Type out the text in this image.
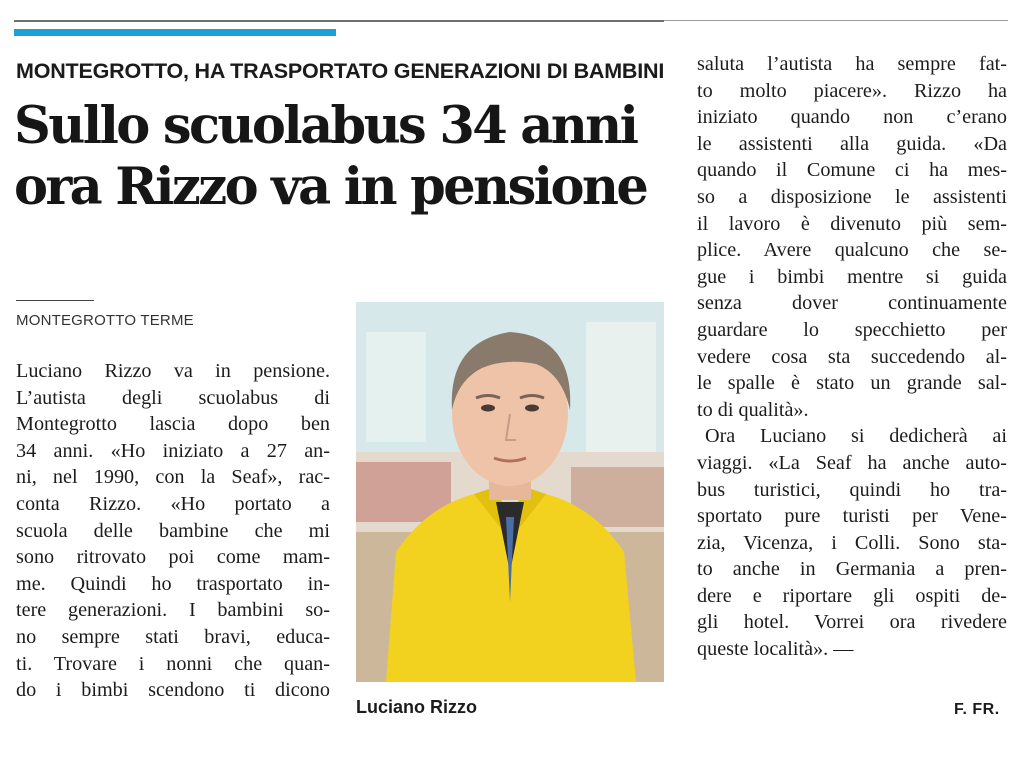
MONTEGROTTO, HA TRASPORTATO GENERAZIONI DI BAMBINI
Sullo scuolabus 34 anni
ora Rizzo va in pensione
MONTEGROTTO TERME
Luciano Rizzo va in pensione.
L’autista degli scuolabus di
Montegrotto lascia dopo ben
34 anni. «Ho iniziato a 27 an-
ni, nel 1990, con la Seaf», rac-
conta Rizzo. «Ho portato a
scuola delle bambine che mi
sono ritrovato poi come mam-
me. Quindi ho trasportato in-
tere generazioni. I bambini so-
no sempre stati bravi, educa-
ti. Trovare i nonni che quan-
do i bimbi scendono ti dicono
Luciano Rizzo
saluta l’autista ha sempre fat-
to molto piacere». Rizzo ha
iniziato quando non c’erano
le assistenti alla guida. «Da
quando il Comune ci ha mes-
so a disposizione le assistenti
il lavoro è divenuto più sem-
plice. Avere qualcuno che se-
gue i bimbi mentre si guida
senza dover continuamente
guardare lo specchietto per
vedere cosa sta succedendo al-
le spalle è stato un grande sal-
to di qualità».
Ora Luciano si dedicherà ai
viaggi. «La Seaf ha anche auto-
bus turistici, quindi ho tra-
sportato pure turisti per Vene-
zia, Vicenza, i Colli. Sono sta-
to anche in Germania a pren-
dere e riportare gli ospiti de-
gli hotel. Vorrei ora rivedere
queste località». —
F. FR.
